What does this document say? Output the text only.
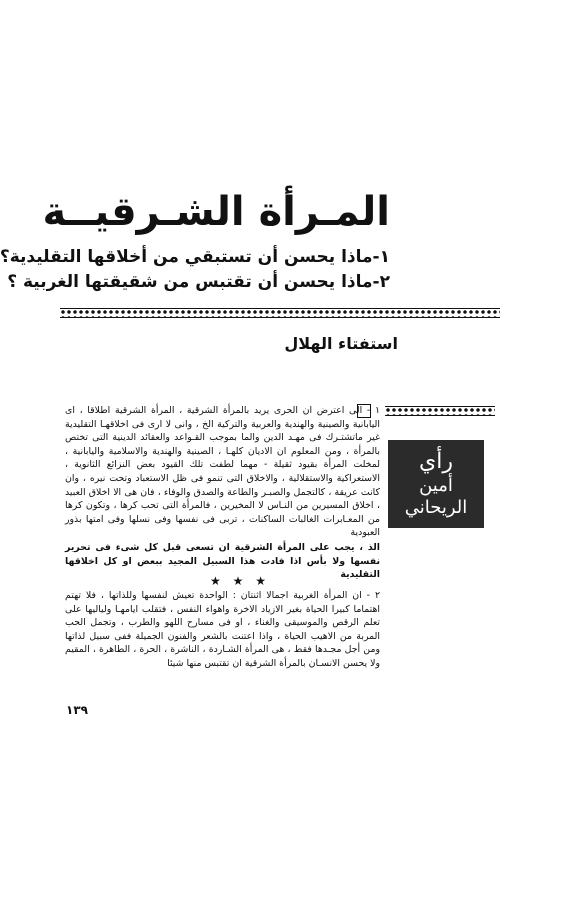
المـرأة الشـرقيــة
١-ماذا يحسن أن تستبقي من أخلاقها التقليدية؟
٢-ماذا يحسن أن تقتبس من شقيقتها الغربية ؟
استفتاء الهلال
رأي
أمين
الريحاني
١ - الى اعترض ان الحرى يريد بالمرأة الشرقية ، المرأة الشرقية اطلاقا ، اى اليابانية والصينية والهندية والعربية والتركية الخ ، وانى لا ارى فى اخلاقهـا التقليدية غير ماتشتـرك فى مهـد الدين والما بموجب القـواعد والعقائد الدينية التى تختص بالمرأة ، ومن المعلوم ان الاديان كلهـا ، الصينية والهندية والاسلامية واليابانية ، لمخلت المرأة بقيود ثقيلة - مهما لطفت تلك القيود بعض النزائع الثانوية ، الاستعراكية والاستقلالية ، والاخلاق التى تنمو فى ظل الاستعباد وتحت نيره ، وان كانت عريقة ، كالتجمل والصبـر والطاعة والصدق والوفاء ، فان هى الا اخلاق العبيد ، اخلاق المسيرين من النـاس لا المخيرين ، فالمرأة التى تحب كرها ، وتكون كرها من المعـابرات الغالبات الساكنات ، تربى فى نفسها وفى نسلها وفى امتها بذور العبودية
الذ ، يجب على المرأة الشرقية ان تسعى قبل كل شىء فى تحرير نفسها ولا بأس اذا فادت هذا السبيل المجيد ببعض او كل اخلاقها التقليدية
★ ★ ★
٢ - ان المرأة الغربية اجمالا اثنتان : الواحدة تعيش لنفسها وللذاتها ، فلا تهتم اهتماما كبيرا الحياة بغير الازياد الاخرة واهواء النفس ، فتقلب ايامهـا ولياليها على تعلم الرقص والموسيقى والغناء ، او فى مسارح اللهو والطرب ، وتجمل الحب المربة من الاهيب الحياة ، واذا اعتنت بالشعر والفنون الجميلة ففى سبيل لذاتها ومن أجل مجـدها فقط ، هى المرأة الشـاردة ، الناشرة ، الحرة ، الطاهرة ، المقيم ولا يحسن الانسـان بالمرأة الشرقية ان تقتبس منها شيئا
١٣٩
